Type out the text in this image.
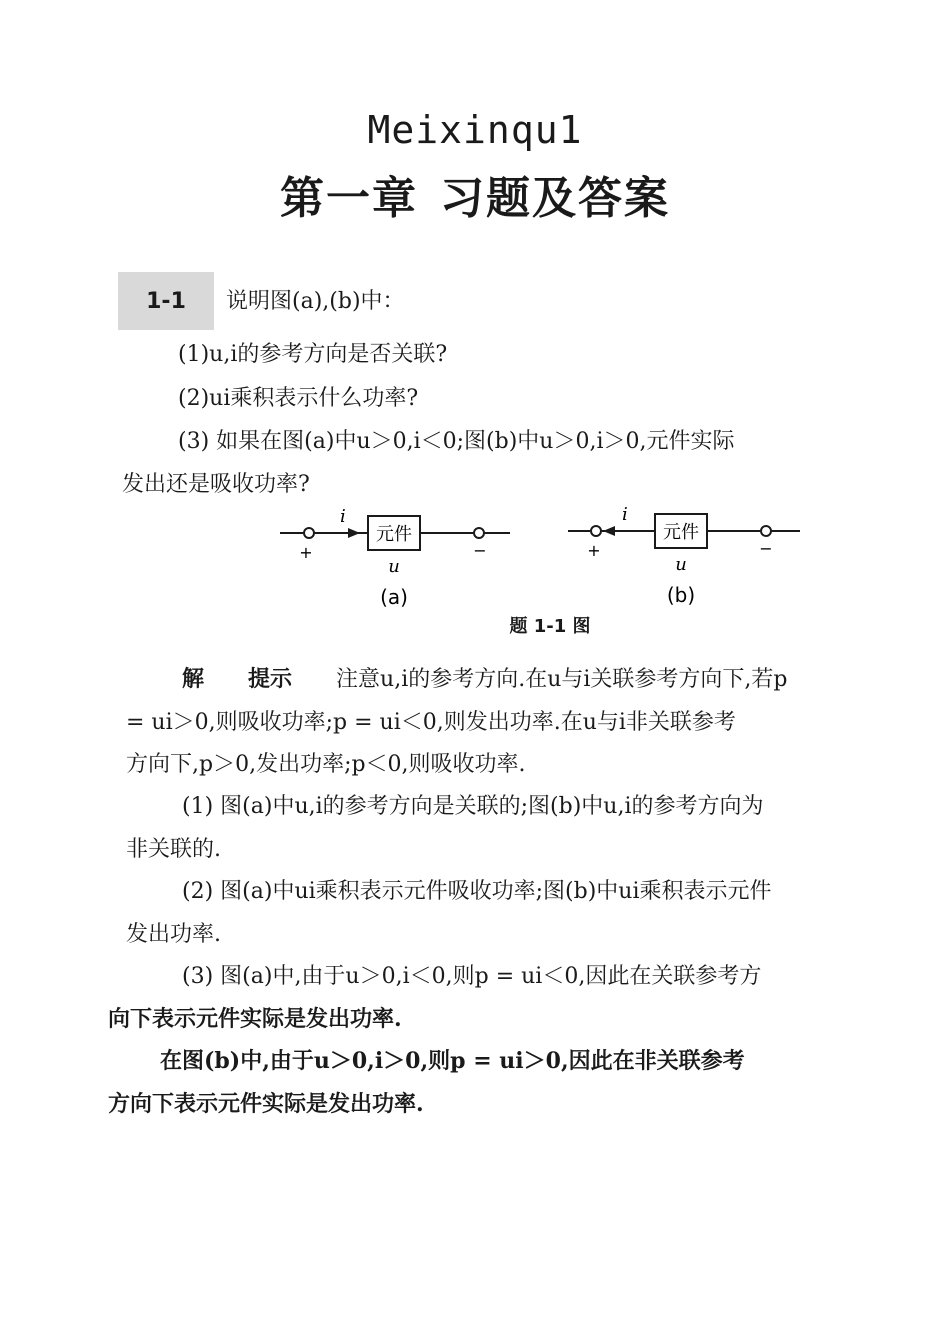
Meixinqu1
第一章 习题及答案
1-1	说明图(a),(b)中：
(1)u,i的参考方向是否关联?
(2)ui乘积表示什么功率?
(3) 如果在图(a)中u＞0,i＜0;图(b)中u＞0,i＞0,元件实际
发出还是吸收功率?
元件
i
+	−
u
(a)
元件
i
+	−
u
(b)
题 1-1 图
解 提示 注意u,i的参考方向.在u与i关联参考方向下,若p
= ui＞0,则吸收功率;p = ui＜0,则发出功率.在u与i非关联参考
方向下,p＞0,发出功率;p＜0,则吸收功率.
(1) 图(a)中u,i的参考方向是关联的;图(b)中u,i的参考方向为
非关联的.
(2) 图(a)中ui乘积表示元件吸收功率;图(b)中ui乘积表示元件
发出功率.
(3) 图(a)中,由于u＞0,i＜0,则p = ui＜0,因此在关联参考方
向下表示元件实际是发出功率.
在图(b)中,由于u＞0,i＞0,则p = ui＞0,因此在非关联参考
方向下表示元件实际是发出功率.
